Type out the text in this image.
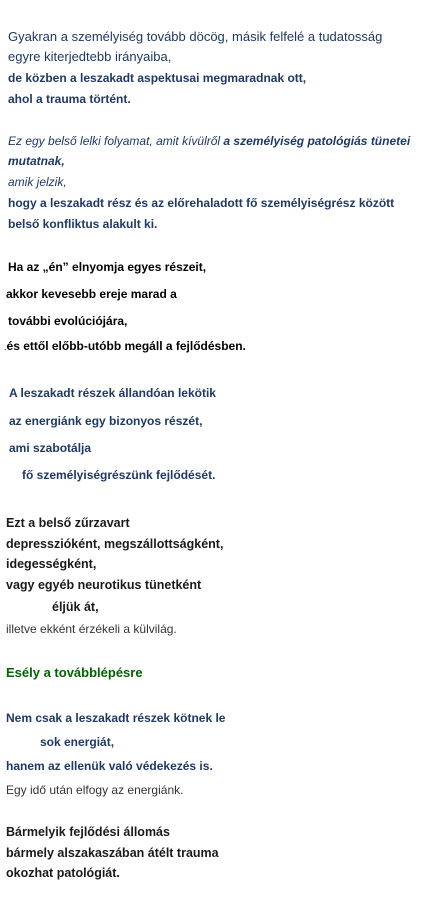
Gyakran a személyiség tovább döcög, másik felfelé a tudatosság

egyre kiterjedtebb irányaiba,

de közben a leszakadt aspektusai megmaradnak ott,

ahol a trauma történt.

Ez egy belső lelki folyamat, amit kívülről a személyiség patológiás tünetei

mutatnak,

amik jelzik,

hogy a leszakadt rész és az előrehaladott fő személyiségrész között

belső konfliktus alakult ki.

Ha az „én” elnyomja egyes részeit,

akkor kevesebb ereje marad a

további evolúciójára,

.és ettől előbb-utóbb megáll a fejlődésben.

A leszakadt részek állandóan lekötik

az energiánk egy bizonyos részét,

ami szabotálja

fő személyiségrészünk fejlődését.

Ezt a belső zűrzavart

depresszióként, megszállottságként,

idegességként,

vagy egyéb neurotikus tünetként

éljük át,

illetve ekként érzékeli a külvilág.

Esély a továbblépésre

Nem csak a leszakadt részek kötnek le

sok energiát,

hanem az ellenük való védekezés is.

Egy idő után elfogy az energiánk.

Bármelyik fejlődési állomás

bármely alszakaszában átélt trauma

okozhat patológiát.
